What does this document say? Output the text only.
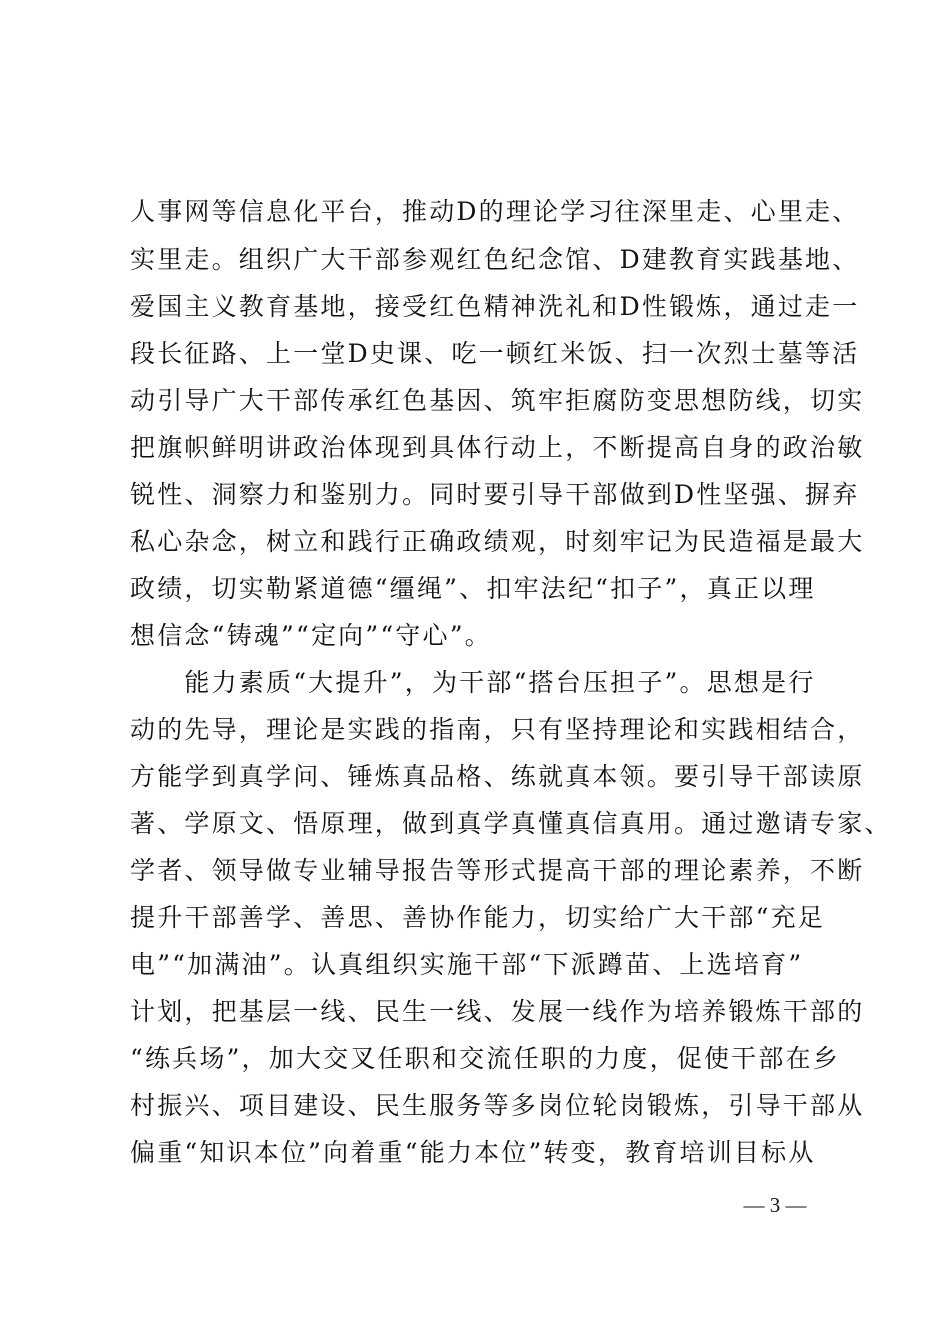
人事网等信息化平台，推动D的理论学习往深里走、心里走、
实里走。组织广大干部参观红色纪念馆、D建教育实践基地、
爱国主义教育基地，接受红色精神洗礼和D性锻炼，通过走一
段长征路、上一堂D史课、吃一顿红米饭、扫一次烈士墓等活
动引导广大干部传承红色基因、筑牢拒腐防变思想防线，切实
把旗帜鲜明讲政治体现到具体行动上，不断提高自身的政治敏
锐性、洞察力和鉴别力。同时要引导干部做到D性坚强、摒弃
私心杂念，树立和践行正确政绩观，时刻牢记为民造福是最大
政绩，切实勒紧道德“缰绳”、扣牢法纪“扣子”，真正以理
想信念“铸魂”“定向”“守心”。
　　能力素质“大提升”，为干部“搭台压担子”。思想是行
动的先导，理论是实践的指南，只有坚持理论和实践相结合，
方能学到真学问、锤炼真品格、练就真本领。要引导干部读原
著、学原文、悟原理，做到真学真懂真信真用。通过邀请专家、
学者、领导做专业辅导报告等形式提高干部的理论素养，不断
提升干部善学、善思、善协作能力，切实给广大干部“充足
电”“加满油”。认真组织实施干部“下派蹲苗、上选培育”
计划，把基层一线、民生一线、发展一线作为培养锻炼干部的
“练兵场”，加大交叉任职和交流任职的力度，促使干部在乡
村振兴、项目建设、民生服务等多岗位轮岗锻炼，引导干部从
偏重“知识本位”向着重“能力本位”转变，教育培训目标从
— 3 —
